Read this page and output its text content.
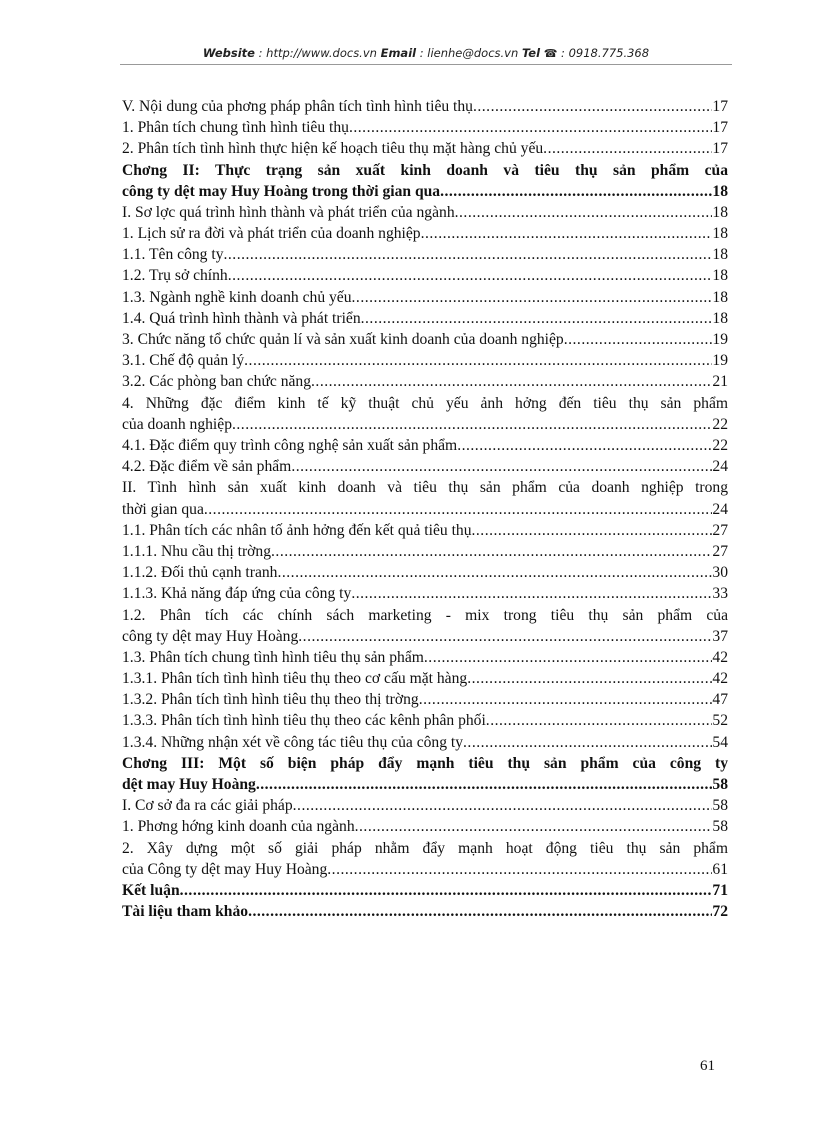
Website : http://www.docs.vn Email : lienhe@docs.vn Tel ☎ : 0918.775.368
V. Nội dung của phơng pháp phân tích tình hình tiêu thụ .....	17
1. Phân tích chung tình hình tiêu thụ .....	17
2. Phân tích tình hình thực hiện kế hoạch tiêu thụ mặt hàng chủ yếu .....	17
Chơng II: Thực trạng sản xuất kinh doanh và tiêu thụ sản phẩm của
công ty dệt may Huy Hoàng trong thời gian qua .....	18
I. Sơ lợc quá trình hình thành và phát triển của ngành .....	18
1. Lịch sử ra đời và phát triển của doanh nghiệp .....	18
1.1. Tên công ty .....	18
1.2. Trụ sở chính .....	18
1.3. Ngành nghề kinh doanh chủ yếu .....	18
1.4. Quá trình hình thành và phát triển .....	18
3. Chức năng tổ chức quản lí và sản xuất kinh doanh của doanh nghiệp .....	19
3.1. Chế độ quản lý .....	19
3.2. Các phòng ban chức năng .....	21
4. Những đặc điểm kinh tế kỹ thuật chủ yếu ảnh hởng đến tiêu thụ sản phẩm
của doanh nghiệp .....	22
4.1. Đặc điểm quy trình công nghệ sản xuất sản phẩm .....	22
4.2. Đặc điểm về sản phẩm .....	24
II. Tình hình sản xuất kinh doanh và tiêu thụ sản phẩm của doanh nghiệp trong
thời gian qua .....	24
1.1. Phân tích các nhân tố ảnh hởng đến kết quả tiêu thụ .....	27
1.1.1. Nhu cầu thị trờng .....	27
1.1.2. Đối thủ cạnh tranh .....	30
1.1.3. Khả năng đáp ứng của công ty .....	33
1.2. Phân tích các chính sách marketing - mix trong tiêu thụ sản phẩm của
công ty dệt may Huy Hoàng .....	37
1.3. Phân tích chung tình hình tiêu thụ sản phẩm .....	42
1.3.1. Phân tích tình hình tiêu thụ theo cơ cấu mặt hàng .....	42
1.3.2. Phân tích tình hình tiêu thụ theo thị trờng .....	47
1.3.3. Phân tích tình hình tiêu thụ theo các kênh phân phối .....	52
1.3.4. Những nhận xét về công tác tiêu thụ của công ty .....	54
Chơng III: Một số biện pháp đẩy mạnh tiêu thụ sản phẩm của công ty
dệt may Huy Hoàng .....	58
I. Cơ sở đa ra các giải pháp .....	58
1. Phơng hớng kinh doanh của ngành .....	58
2. Xây dựng một số giải pháp nhằm đẩy mạnh hoạt động tiêu thụ sản phẩm
của Công ty dệt may Huy Hoàng .....	61
Kết luận .....	71
Tài liệu tham khảo .....	72
61
